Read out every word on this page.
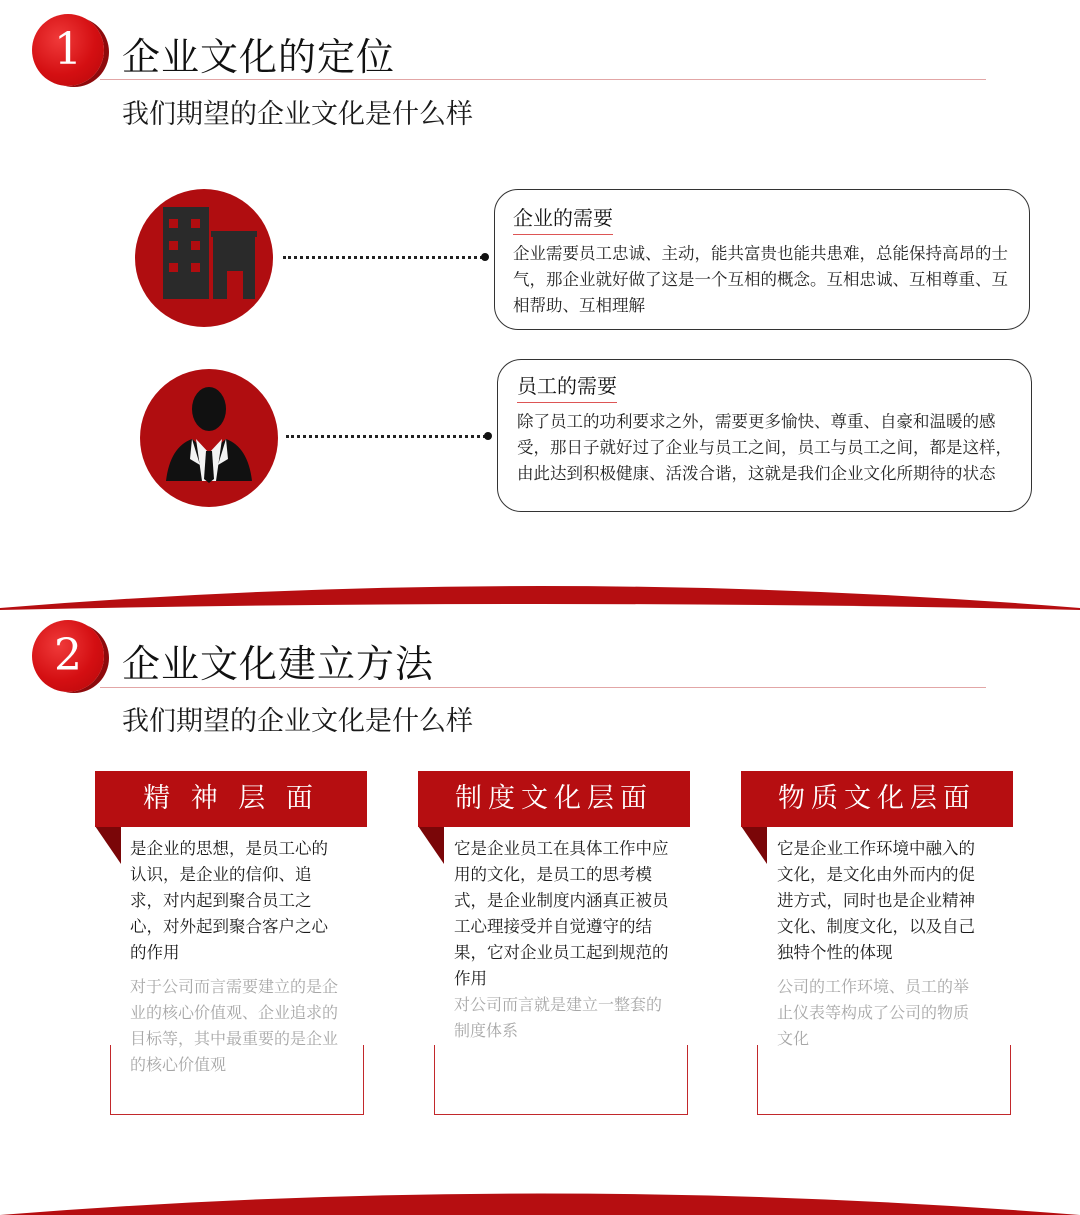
1	企业文化的定位
我们期望的企业文化是什么样
企业的需要
企业需要员工忠诚、主动，能共富贵也能共患难，总能保持高昂的士气，那企业就好做了这是一个互相的概念。互相忠诚、互相尊重、互相帮助、互相理解
员工的需要
除了员工的功利要求之外，需要更多愉快、尊重、自豪和温暖的感受，那日子就好过了企业与员工之间，员工与员工之间，都是这样，由此达到积极健康、活泼合谐，这就是我们企业文化所期待的状态
2	企业文化建立方法
我们期望的企业文化是什么样
是企业的思想，是员工心的认识，是企业的信仰、追求，对内起到聚合员工之心，对外起到聚合客户之心的作用
对于公司而言需要建立的是企业的核心价值观、企业追求的目标等，其中最重要的是企业的核心价值观
精 神 层 面
它是企业员工在具体工作中应用的文化，是员工的思考模式，是企业制度内涵真正被员工心理接受并自觉遵守的结果，它对企业员工起到规范的作用
对公司而言就是建立一整套的制度体系
制度文化层面
它是企业工作环境中融入的文化，是文化由外而内的促进方式，同时也是企业精神文化、制度文化，以及自己独特个性的体现
公司的工作环境、员工的举止仪表等构成了公司的物质文化
物质文化层面
